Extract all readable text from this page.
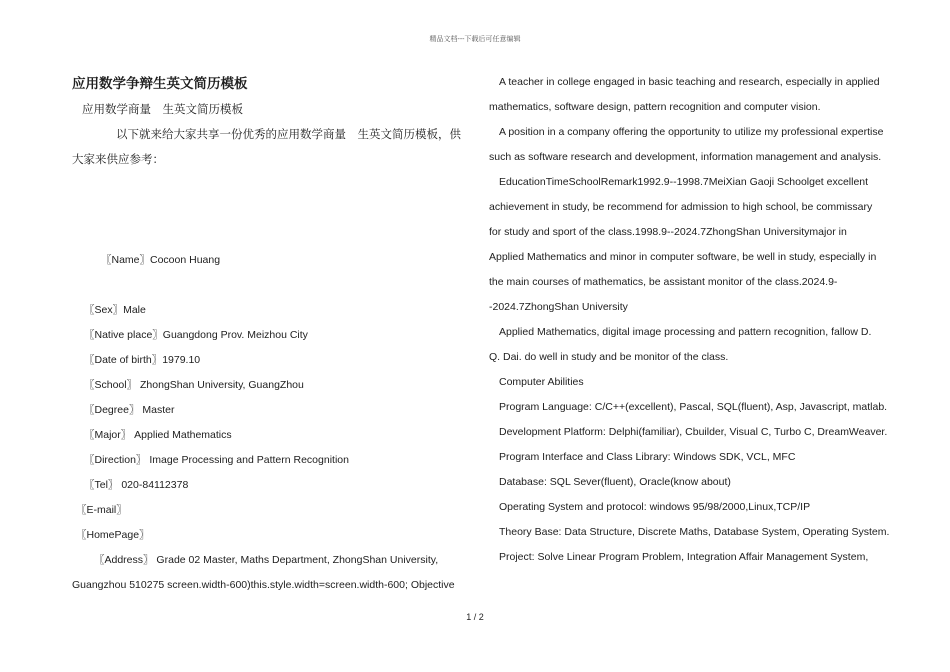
精品文档---下载后可任意编辑

应用数学争辩生英文简历模板

应用数学商量　生英文简历模板

以下就来给大家共享一份优秀的应用数学商量　生英文简历模板，供大家来供应参考：

〖Name〗Cocoon Huang

〖Sex〗Male

〖Native place〗Guangdong Prov. Meizhou City

〖Date of birth〗1979.10

〖School〗 ZhongShan University, GuangZhou

〖Degree〗 Master

〖Major〗 Applied Mathematics

〖Direction〗 Image Processing and Pattern Recognition

〖Tel〗 020-84112378

〖E-mail〗

〖HomePage〗

〖Address〗 Grade 02 Master, Maths Department, ZhongShan University, Guangzhou 510275 screen.width-600)this.style.width=screen.width-600; Objective

A teacher in college engaged in basic teaching and research, especially in applied mathematics, software design, pattern recognition and computer vision.

A position in a company offering the opportunity to utilize my professional expertise such as software research and development, information management and analysis.

EducationTimeSchoolRemark1992.9--1998.7MeiXian Gaoji Schoolget excellent achievement in study, be recommend for admission to high school, be commissary for study and sport of the class.1998.9--2024.7ZhongShan Universitymajor in Applied Mathematics and minor in computer software, be well in study, especially in the main courses of mathematics, be assistant monitor of the class.2024.9--2024.7ZhongShan University

Applied Mathematics, digital image processing and pattern recognition, fallow D. Q. Dai. do well in study and be monitor of the class.

Computer Abilities

Program Language: C/C++(excellent), Pascal, SQL(fluent), Asp, Javascript, matlab.

Development Platform: Delphi(familiar), Cbuilder, Visual C, Turbo C, DreamWeaver.

Program Interface and Class Library: Windows SDK, VCL, MFC

Database: SQL Sever(fluent), Oracle(know about)

Operating System and protocol: windows 95/98/2000,Linux,TCP/IP

Theory Base: Data Structure, Discrete Maths, Database System, Operating System.

Project: Solve Linear Program Problem, Integration Affair Management System,

1 / 2
